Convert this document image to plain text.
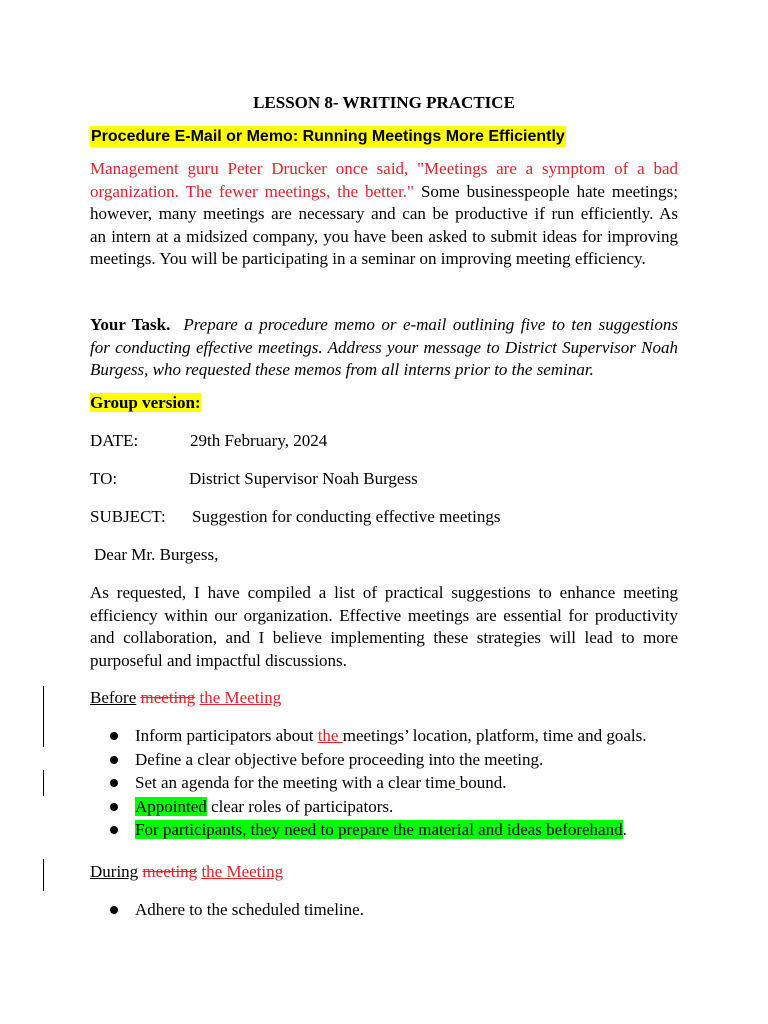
LESSON 8- WRITING PRACTICE
Procedure E-Mail or Memo: Running Meetings More Efficiently
Management guru Peter Drucker once said, "Meetings are a symptom of a bad
organization. The fewer meetings, the better." Some businesspeople hate meetings;
however, many meetings are necessary and can be productive if run efficiently. As
an intern at a midsized company, you have been asked to submit ideas for improving
meetings. You will be participating in a seminar on improving meeting efficiency.
Your Task. Prepare a procedure memo or e-mail outlining five to ten suggestions
for conducting effective meetings. Address your message to District Supervisor Noah
Burgess, who requested these memos from all interns prior to the seminar.
Group version:
DATE:	29th February, 2024
TO:	District Supervisor Noah Burgess
SUBJECT: Suggestion for conducting effective meetings
Dear Mr. Burgess,
As requested, I have compiled a list of practical suggestions to enhance meeting
efficiency within our organization. Effective meetings are essential for productivity
and collaboration, and I believe implementing these strategies will lead to more
purposeful and impactful discussions.
Before meeting the Meeting
Inform participators about the meetings’ location, platform, time and goals.
Define a clear objective before proceeding into the meeting.
Set an agenda for the meeting with a clear time bound.
Appointed clear roles of participators.
For participants, they need to prepare the material and ideas beforehand.
During meeting the Meeting
Adhere to the scheduled timeline.
